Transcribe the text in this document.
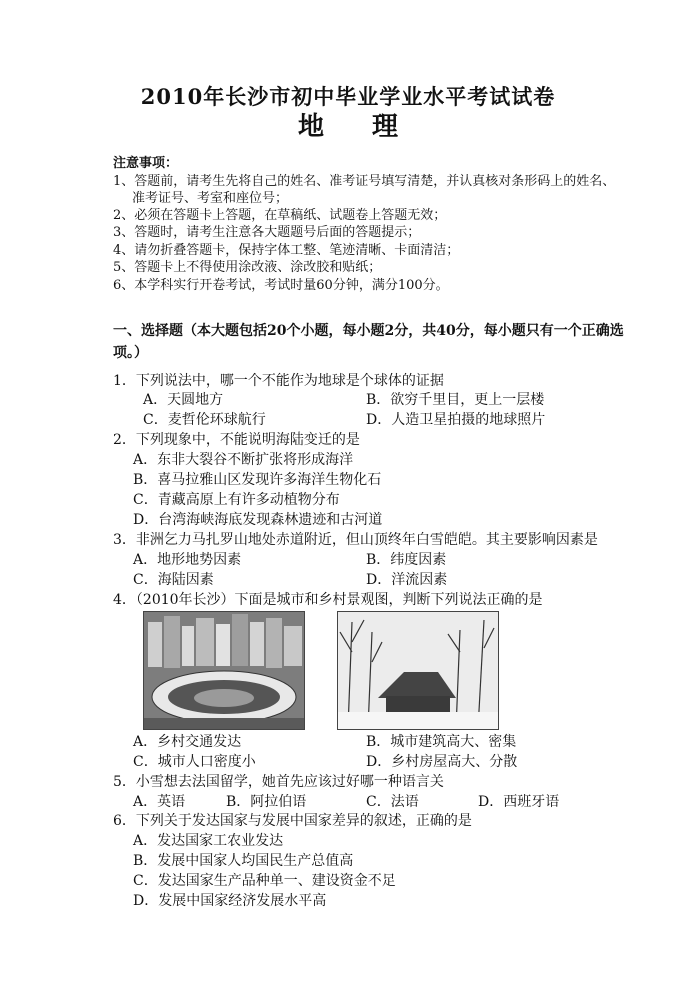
2010年长沙市初中毕业学业水平考试试卷
地 理
注意事项：
1、答题前，请考生先将自己的姓名、准考证号填写清楚，并认真核对条形码上的姓名、
准考证号、考室和座位号；
2、必须在答题卡上答题，在草稿纸、试题卷上答题无效；
3、答题时，请考生注意各大题题号后面的答题提示；
4、请勿折叠答题卡，保持字体工整、笔迹清晰、卡面清洁；
5、答题卡上不得使用涂改液、涂改胶和贴纸；
6、本学科实行开卷考试，考试时量60分钟，满分100分。
一、选择题（本大题包括20个小题，每小题2分，共40分，每小题只有一个正确选
项。）
1．下列说法中，哪一个不能作为地球是个球体的证据
A．天圆地方	B．欲穷千里目，更上一层楼
C．麦哲伦环球航行	D．人造卫星拍摄的地球照片
2．下列现象中，不能说明海陆变迁的是
A．东非大裂谷不断扩张将形成海洋
B．喜马拉雅山区发现许多海洋生物化石
C．青藏高原上有许多动植物分布
D．台湾海峡海底发现森林遗迹和古河道
3．非洲乞力马扎罗山地处赤道附近，但山顶终年白雪皑皑。其主要影响因素是
A．地形地势因素	B．纬度因素
C．海陆因素	D．洋流因素
4．（2010年长沙）下面是城市和乡村景观图，判断下列说法正确的是
A．乡村交通发达	B．城市建筑高大、密集
C．城市人口密度小	D．乡村房屋高大、分散
5．小雪想去法国留学，她首先应该过好哪一种语言关
A．英语	B．阿拉伯语	C．法语	D．西班牙语
6．下列关于发达国家与发展中国家差异的叙述，正确的是
A．发达国家工农业发达
B．发展中国家人均国民生产总值高
C．发达国家生产品种单一、建设资金不足
D．发展中国家经济发展水平高
